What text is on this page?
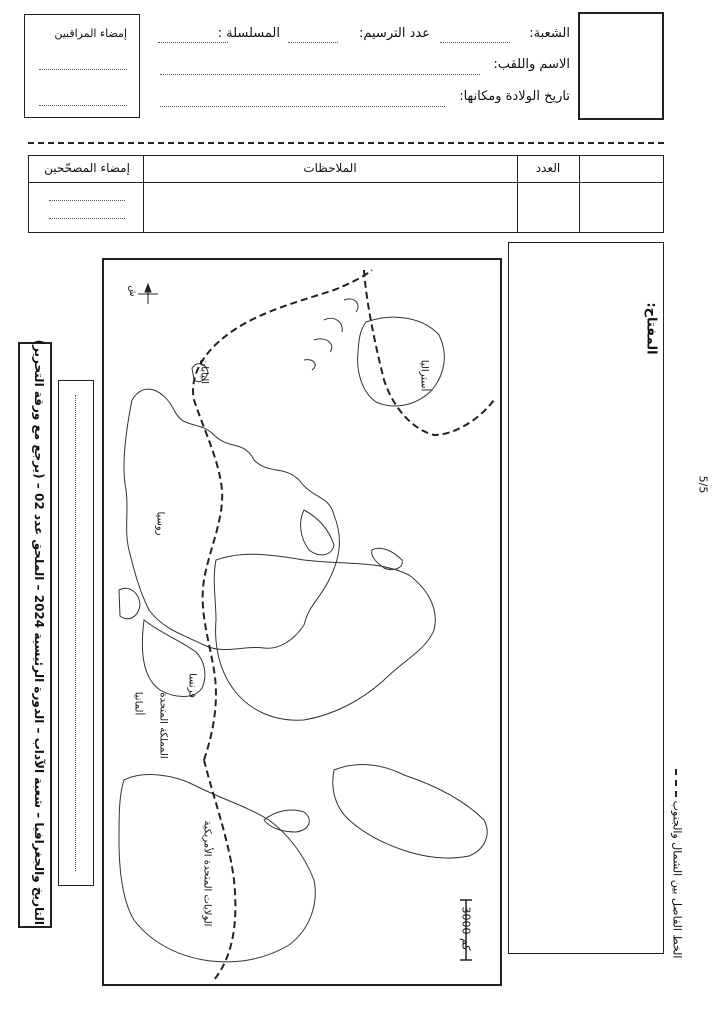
إمضاء المراقبين	الشعبة:
عدد الترسيم:
المسلسلة :
الاسم واللقب:
تاريخ الولادة ومكانها:
إمضاء المصحّحين	الملاحظات	العدد
التاريخ والجغرافيا – شعبة الآداب – الدورة الرئيسية 2024 – الملحق عدد 02 – (يرجع مع ورقة التحرير)
اليابان	أستراليا
روسيا
ألمانيا
فرنسا
المملكة المتحدة
الولايات المتحدة الأمريكية
ش
3000 كم
المفتاح:
الخط الفاصل بين الشمال والجنوب
5/5
